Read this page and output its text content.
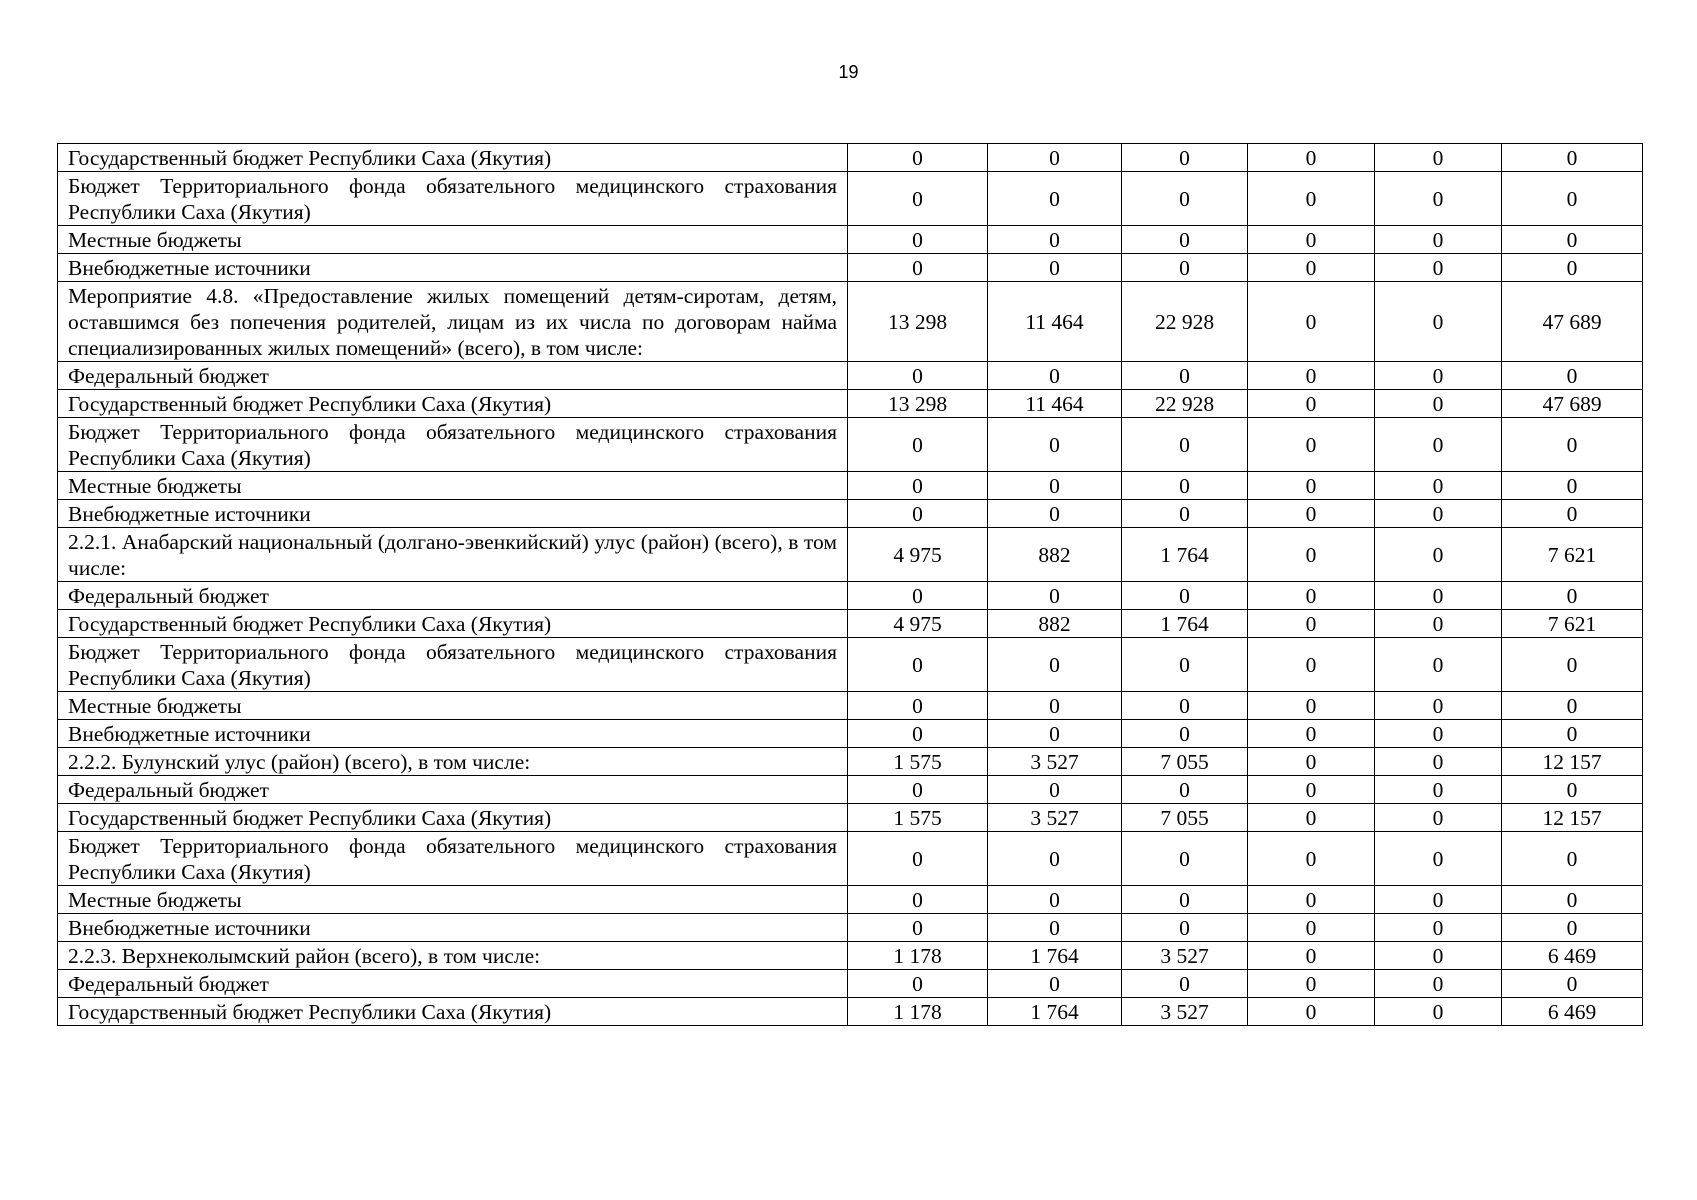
19
Государственный бюджет Республики Саха (Якутия)	0	0	0	0	0	0
Бюджет Территориального фонда обязательного медицинского страхования Республики Саха (Якутия)	0	0	0	0	0	0
Местные бюджеты	0	0	0	0	0	0
Внебюджетные источники	0	0	0	0	0	0
Мероприятие 4.8. «Предоставление жилых помещений детям-сиротам, детям, оставшимся без попечения родителей, лицам из их числа по договорам найма специализированных жилых помещений» (всего), в том числе:	13 298	11 464	22 928	0	0	47 689
Федеральный бюджет	0	0	0	0	0	0
Государственный бюджет Республики Саха (Якутия)	13 298	11 464	22 928	0	0	47 689
Бюджет Территориального фонда обязательного медицинского страхования Республики Саха (Якутия)	0	0	0	0	0	0
Местные бюджеты	0	0	0	0	0	0
Внебюджетные источники	0	0	0	0	0	0
2.2.1. Анабарский национальный (долгано-эвенкийский) улус (район) (всего), в том числе:	4 975	882	1 764	0	0	7 621
Федеральный бюджет	0	0	0	0	0	0
Государственный бюджет Республики Саха (Якутия)	4 975	882	1 764	0	0	7 621
Бюджет Территориального фонда обязательного медицинского страхования Республики Саха (Якутия)	0	0	0	0	0	0
Местные бюджеты	0	0	0	0	0	0
Внебюджетные источники	0	0	0	0	0	0
2.2.2. Булунский улус (район) (всего), в том числе:	1 575	3 527	7 055	0	0	12 157
Федеральный бюджет	0	0	0	0	0	0
Государственный бюджет Республики Саха (Якутия)	1 575	3 527	7 055	0	0	12 157
Бюджет Территориального фонда обязательного медицинского страхования Республики Саха (Якутия)	0	0	0	0	0	0
Местные бюджеты	0	0	0	0	0	0
Внебюджетные источники	0	0	0	0	0	0
2.2.3. Верхнеколымский район (всего), в том числе:	1 178	1 764	3 527	0	0	6 469
Федеральный бюджет	0	0	0	0	0	0
Государственный бюджет Республики Саха (Якутия)	1 178	1 764	3 527	0	0	6 469
